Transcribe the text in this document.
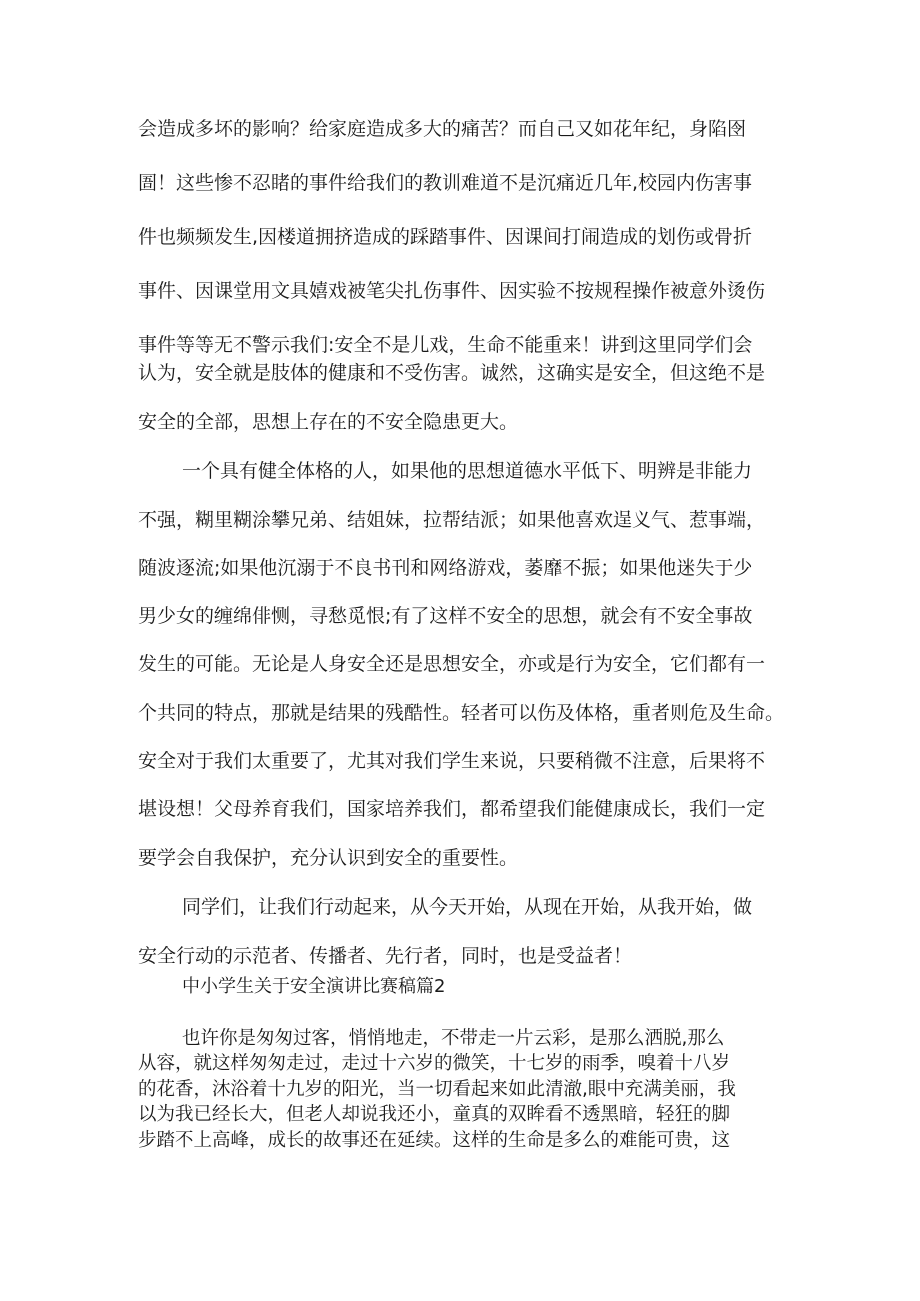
会造成多坏的影响？给家庭造成多大的痛苦？而自己又如花年纪，身陷囹
圄！这些惨不忍睹的事件给我们的教训难道不是沉痛近几年,校园内伤害事
件也频频发生,因楼道拥挤造成的踩踏事件、因课间打闹造成的划伤或骨折
事件、因课堂用文具嬉戏被笔尖扎伤事件、因实验不按规程操作被意外烫伤
事件等等无不警示我们:安全不是儿戏，生命不能重来！讲到这里同学们会
认为，安全就是肢体的健康和不受伤害。诚然，这确实是安全，但这绝不是
安全的全部，思想上存在的不安全隐患更大。
一个具有健全体格的人，如果他的思想道德水平低下、明辨是非能力
不强，糊里糊涂攀兄弟、结姐妹，拉帮结派；如果他喜欢逞义气、惹事端，
随波逐流;如果他沉溺于不良书刊和网络游戏，萎靡不振；如果他迷失于少
男少女的缠绵俳恻，寻愁觅恨;有了这样不安全的思想，就会有不安全事故
发生的可能。无论是人身安全还是思想安全，亦或是行为安全，它们都有一
个共同的特点，那就是结果的残酷性。轻者可以伤及体格，重者则危及生命。
安全对于我们太重要了，尤其对我们学生来说，只要稍微不注意，后果将不
堪设想！父母养育我们，国家培养我们，都希望我们能健康成长，我们一定
要学会自我保护，充分认识到安全的重要性。
同学们，让我们行动起来，从今天开始，从现在开始，从我开始，做
安全行动的示范者、传播者、先行者，同时，也是受益者！
中小学生关于安全演讲比赛稿篇2
也许你是匆匆过客，悄悄地走，不带走一片云彩，是那么洒脱,那么
从容，就这样匆匆走过，走过十六岁的微笑，十七岁的雨季，嗅着十八岁
的花香，沐浴着十九岁的阳光，当一切看起来如此清澈,眼中充满美丽，我
以为我已经长大，但老人却说我还小，童真的双眸看不透黑暗，轻狂的脚
步踏不上高峰，成长的故事还在延续。这样的生命是多么的难能可贵，这
